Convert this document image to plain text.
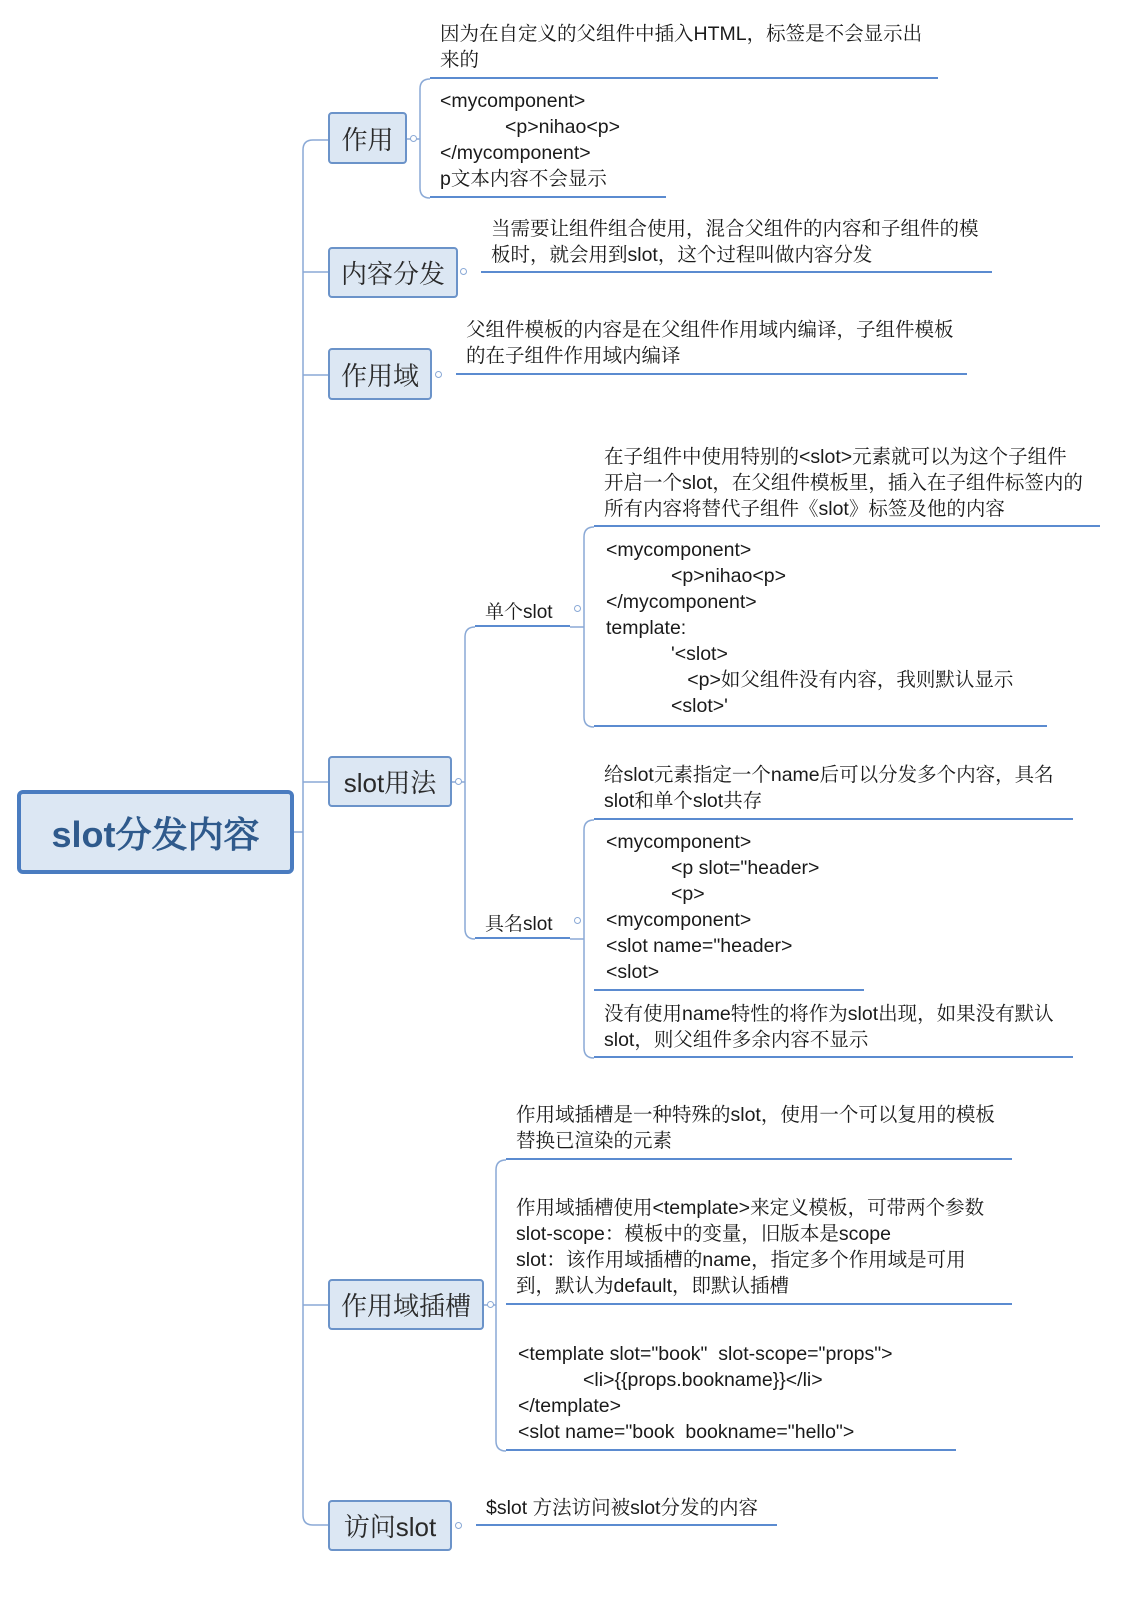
slot分发内容
作用
因为在自定义的父组件中插入HTML，标签是不会显示出
来的
<mycomponent>
<p>nihao<p>
</mycomponent>
p文本内容不会显示
内容分发
当需要让组件组合使用，混合父组件的内容和子组件的模
板时，就会用到slot，这个过程叫做内容分发
作用域
父组件模板的内容是在父组件作用域内编译，子组件模板
的在子组件作用域内编译
slot用法
单个slot
在子组件中使用特别的<slot>元素就可以为这个子组件
开启一个slot，在父组件模板里，插入在子组件标签内的
所有内容将替代子组件《slot》标签及他的内容
<mycomponent>
<p>nihao<p>
</mycomponent>
template:
'<slot>
<p>如父组件没有内容，我则默认显示
<slot>'
具名slot
给slot元素指定一个name后可以分发多个内容，具名
slot和单个slot共存
<mycomponent>
<p slot="header>
<p>
<mycomponent>
<slot name="header>
<slot>
没有使用name特性的将作为slot出现，如果没有默认
slot，则父组件多余内容不显示
作用域插槽
作用域插槽是一种特殊的slot，使用一个可以复用的模板
替换已渲染的元素
作用域插槽使用<template>来定义模板，可带两个参数
slot-scope：模板中的变量，旧版本是scope
slot：该作用域插槽的name，指定多个作用域是可用
到，默认为default，即默认插槽
<template slot="book"  slot-scope="props">
<li>{{props.bookname}}</li>
</template>
<slot name="book  bookname="hello">
访问slot
$slot 方法访问被slot分发的内容
